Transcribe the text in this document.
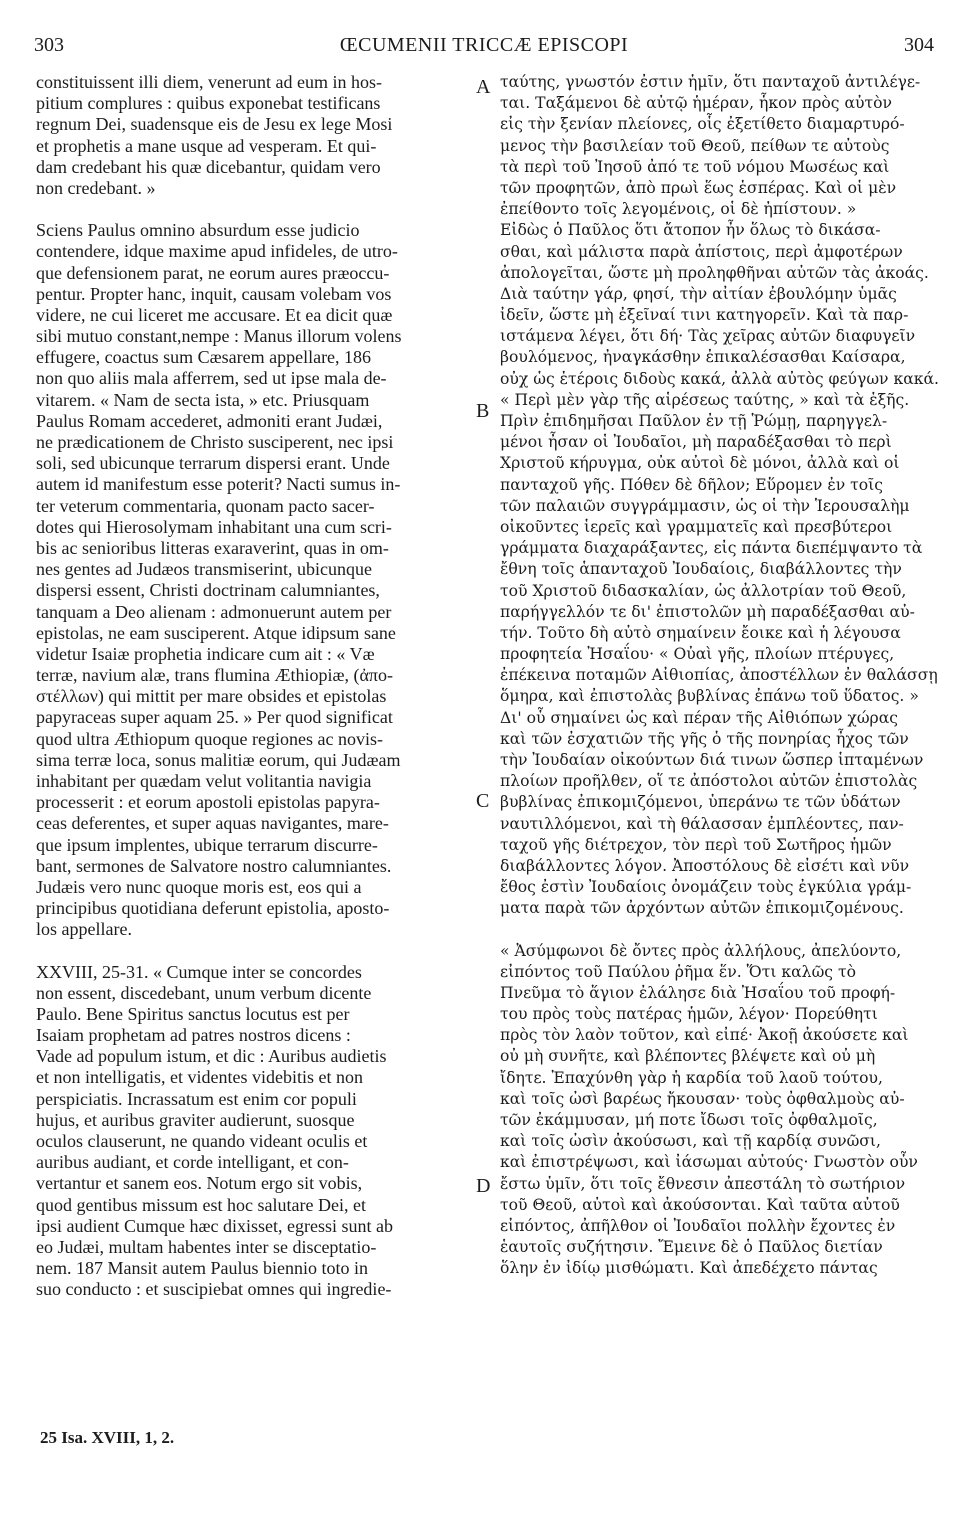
303	ŒCUMENII TRICCÆ EPISCOPI	304
constituissent illi diem, venerunt ad eum in hos-
pitium complures : quibus exponebat testificans
regnum Dei, suadensque eis de Jesu ex lege Mosi
et prophetis a mane usque ad vesperam. Et qui-
dam credebant his quæ dicebantur, quidam vero
non credebant. »
Sciens Paulus omnino absurdum esse judicio
contendere, idque maxime apud infideles, de utro-
que defensionem parat, ne eorum aures præoccu-
pentur. Propter hanc, inquit, causam volebam vos
videre, ne cui liceret me accusare. Et ea dicit quæ
sibi mutuo constant,nempe : Manus illorum volens
effugere, coactus sum Cæsarem appellare, 186
non quo aliis mala afferrem, sed ut ipse mala de-
vitarem. « Nam de secta ista, » etc. Priusquam
Paulus Romam accederet, admoniti erant Judæi,
ne prædicationem de Christo susciperent, nec ipsi
soli, sed ubicunque terrarum dispersi erant. Unde
autem id manifestum esse poterit? Nacti sumus in-
ter veterum commentaria, quonam pacto sacer-
dotes qui Hierosolymam inhabitant una cum scri-
bis ac senioribus litteras exaraverint, quas in om-
nes gentes ad Judæos transmiserint, ubicunque
dispersi essent, Christi doctrinam calumniantes,
tanquam a Deo alienam : admonuerunt autem per
epistolas, ne eam susciperent. Atque idipsum sane
videtur Isaiæ prophetia indicare cum ait : « Væ
terræ, navium alæ, trans flumina Æthiopiæ, (ἀπο-
στέλλων) qui mittit per mare obsides et epistolas
papyraceas super aquam 25. » Per quod significat
quod ultra Æthiopum quoque regiones ac novis-
sima terræ loca, sonus malitiæ eorum, qui Judæam
inhabitant per quædam velut volitantia navigia
processerit : et eorum apostoli epistolas papyra-
ceas deferentes, et super aquas navigantes, mare-
que ipsum implentes, ubique terrarum discurre-
bant, sermones de Salvatore nostro calumniantes.
Judæis vero nunc quoque moris est, eos qui a
principibus quotidiana deferunt epistolia, aposto-
los appellare.
XXVIII, 25-31. « Cumque inter se concordes
non essent, discedebant, unum verbum dicente
Paulo. Bene Spiritus sanctus locutus est per
Isaiam prophetam ad patres nostros dicens :
Vade ad populum istum, et dic : Auribus audietis
et non intelligatis, et videntes videbitis et non
perspiciatis. Incrassatum est enim cor populi
hujus, et auribus graviter audierunt, suosque
oculos clauserunt, ne quando videant oculis et
auribus audiant, et corde intelligant, et con-
vertantur et sanem eos. Notum ergo sit vobis,
quod gentibus missum est hoc salutare Dei, et
ipsi audient Cumque hæc dixisset, egressi sunt ab
eo Judæi, multam habentes inter se disceptatio-
nem. 187 Mansit autem Paulus biennio toto in
suo conducto : et suscipiebat omnes qui ingredie-
ταύτης, γνωστόν ἐστιν ἡμῖν, ὅτι πανταχοῦ ἀντιλέγε-
ται. Ταξάμενοι δὲ αὐτῷ ἡμέραν, ἧκον πρὸς αὐτὸν
εἰς τὴν ξενίαν πλείονες, οἷς ἐξετίθετο διαμαρτυρό-
μενος τὴν βασιλείαν τοῦ Θεοῦ, πείθων τε αὐτοὺς
τὰ περὶ τοῦ Ἰησοῦ ἀπό τε τοῦ νόμου Μωσέως καὶ
τῶν προφητῶν, ἀπὸ πρωὶ ἕως ἑσπέρας. Καὶ οἱ μὲν
ἐπείθοντο τοῖς λεγομένοις, οἱ δὲ ἠπίστουν. »
Εἰδὼς ὁ Παῦλος ὅτι ἄτοπον ἦν ὅλως τὸ δικάσα-
σθαι, καὶ μάλιστα παρὰ ἀπίστοις, περὶ ἀμφοτέρων
ἀπολογεῖται, ὥστε μὴ προληφθῆναι αὐτῶν τὰς ἀκοάς.
Διὰ ταύτην γάρ, φησί, τὴν αἰτίαν ἐβουλόμην ὑμᾶς
ἰδεῖν, ὥστε μὴ ἐξεῖναί τινι κατηγορεῖν. Καὶ τὰ παρ-
ιστάμενα λέγει, ὅτι δή· Τὰς χεῖρας αὐτῶν διαφυγεῖν
βουλόμενος, ἠναγκάσθην ἐπικαλέσασθαι Καίσαρα,
οὐχ ὡς ἑτέροις διδοὺς κακά, ἀλλὰ αὐτὸς φεύγων κακά.
« Περὶ μὲν γὰρ τῆς αἱρέσεως ταύτης, » καὶ τὰ ἑξῆς.
Πρὶν ἐπιδημῆσαι Παῦλον ἐν τῇ Ῥώμῃ, παρηγγελ-
μένοι ἦσαν οἱ Ἰουδαῖοι, μὴ παραδέξασθαι τὸ περὶ
Χριστοῦ κήρυγμα, οὐκ αὐτοὶ δὲ μόνοι, ἀλλὰ καὶ οἱ
πανταχοῦ γῆς. Πόθεν δὲ δῆλον; Εὕρομεν ἐν τοῖς
τῶν παλαιῶν συγγράμμασιν, ὡς οἱ τὴν Ἱερουσαλὴμ
οἰκοῦντες ἱερεῖς καὶ γραμματεῖς καὶ πρεσβύτεροι
γράμματα διαχαράξαντες, εἰς πάντα διεπέμψαντο τὰ
ἔθνη τοῖς ἁπανταχοῦ Ἰουδαίοις, διαβάλλοντες τὴν
τοῦ Χριστοῦ διδασκαλίαν, ὡς ἀλλοτρίαν τοῦ Θεοῦ,
παρήγγελλόν τε δι' ἐπιστολῶν μὴ παραδέξασθαι αὐ-
τήν. Τοῦτο δὴ αὐτὸ σημαίνειν ἔοικε καὶ ἡ λέγουσα
προφητεία Ἠσαΐου· « Οὐαὶ γῆς, πλοίων πτέρυγες,
ἐπέκεινα ποταμῶν Αἰθιοπίας, ἀποστέλλων ἐν θαλάσσῃ
ὅμηρα, καὶ ἐπιστολὰς βυβλίνας ἐπάνω τοῦ ὕδατος. »
Δι' οὗ σημαίνει ὡς καὶ πέραν τῆς Αἰθιόπων χώρας
καὶ τῶν ἐσχατιῶν τῆς γῆς ὁ τῆς πονηρίας ἦχος τῶν
τὴν Ἰουδαίαν οἰκούντων διά τινων ὥσπερ ἱπταμένων
πλοίων προῆλθεν, οἵ τε ἀπόστολοι αὐτῶν ἐπιστολὰς
βυβλίνας ἐπικομιζόμενοι, ὑπεράνω τε τῶν ὑδάτων
ναυτιλλόμενοι, καὶ τὴ θάλασσαν ἐμπλέοντες, παν-
ταχοῦ γῆς διέτρεχον, τὸν περὶ τοῦ Σωτῆρος ἡμῶν
διαβάλλοντες λόγον. Ἀποστόλους δὲ εἰσέτι καὶ νῦν
ἔθος ἐστὶν Ἰουδαίοις ὀνομάζειν τοὺς ἐγκύλια γράμ-
ματα παρὰ τῶν ἀρχόντων αὐτῶν ἐπικομιζομένους.
« Ἀσύμφωνοι δὲ ὄντες πρὸς ἀλλήλους, ἀπελύοντο,
εἰπόντος τοῦ Παύλου ῥῆμα ἕν. Ὅτι καλῶς τὸ
Πνεῦμα τὸ ἅγιον ἐλάλησε διὰ Ἠσαΐου τοῦ προφή-
του πρὸς τοὺς πατέρας ἡμῶν, λέγον· Πορεύθητι
πρὸς τὸν λαὸν τοῦτον, καὶ εἰπέ· Ἀκοῇ ἀκούσετε καὶ
οὐ μὴ συνῆτε, καὶ βλέποντες βλέψετε καὶ οὐ μὴ
ἴδητε. Ἐπαχύνθη γὰρ ἡ καρδία τοῦ λαοῦ τούτου,
καὶ τοῖς ὠσὶ βαρέως ἤκουσαν· τοὺς ὀφθαλμοὺς αὐ-
τῶν ἐκάμμυσαν, μή ποτε ἴδωσι τοῖς ὀφθαλμοῖς,
καὶ τοῖς ὠσὶν ἀκούσωσι, καὶ τῇ καρδίᾳ συνῶσι,
καὶ ἐπιστρέψωσι, καὶ ἰάσωμαι αὐτούς· Γνωστὸν οὖν
ἔστω ὑμῖν, ὅτι τοῖς ἔθνεσιν ἀπεστάλη τὸ σωτήριον
τοῦ Θεοῦ, αὐτοὶ καὶ ἀκούσονται. Καὶ ταῦτα αὐτοῦ
εἰπόντος, ἀπῆλθον οἱ Ἰουδαῖοι πολλὴν ἔχοντες ἐν
ἑαυτοῖς συζήτησιν. Ἔμεινε δὲ ὁ Παῦλος διετίαν
ὅλην ἐν ἰδίῳ μισθώματι. Καὶ ἀπεδέχετο πάντας
A
B
C
D
25 Isa. XVIII, 1, 2.
